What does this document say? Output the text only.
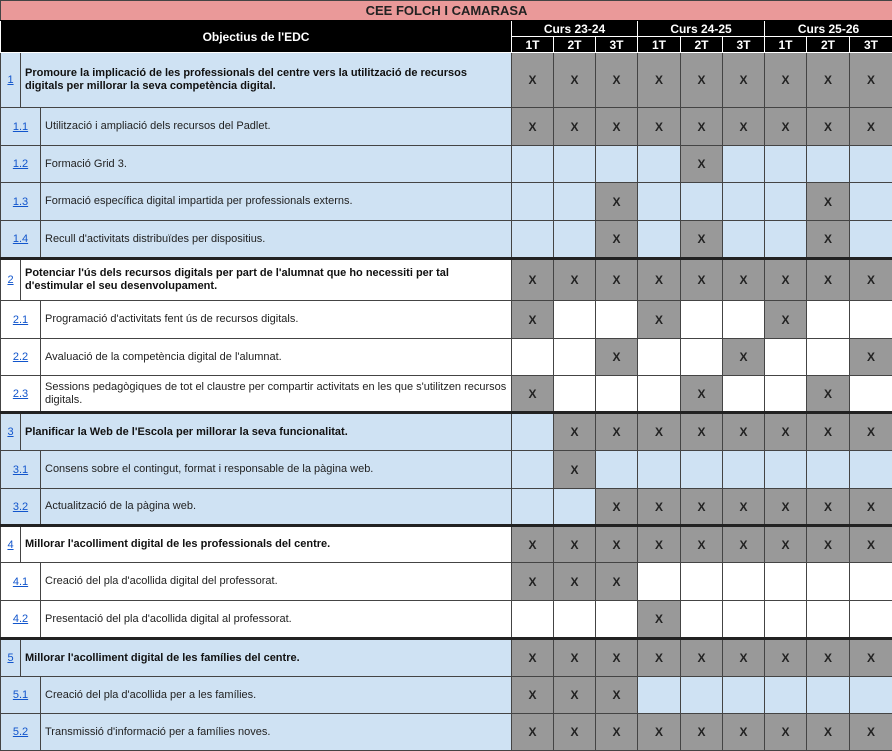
CEE FOLCH I CAMARASA											
Objectius de l'EDC			Curs 23-24			Curs 24-25			Curs 25-26		
			1T	2T	3T	1T	2T	3T	1T	2T	3T
1	Promoure la implicació de les professionals del centre vers la utilització de recursos digitals per millorar la seva competència digital.		X	X	X	X	X	X	X	X	X
1.1		Utilització i ampliació dels recursos del Padlet.	X	X	X	X	X	X	X	X	X
1.2		Formació Grid 3.					X				
1.3		Formació específica digital impartida per professionals externs.			X					X	
1.4		Recull d'activitats distribuïdes per dispositius.			X		X			X	
2	Potenciar l'ús dels recursos digitals per part de l'alumnat que ho necessiti per tal d'estimular el seu desenvolupament.		X	X	X	X	X	X	X	X	X
2.1		Programació d'activitats fent ús de recursos digitals.	X			X			X		
2.2		Avaluació de la competència digital de l'alumnat.			X			X			X
2.3		Sessions pedagògiques de tot el claustre per compartir activitats en les que s'utilitzen recursos digitals.	X				X			X	
3	Planificar la Web de l'Escola per millorar la seva funcionalitat.			X	X	X	X	X	X	X	X
3.1		Consens sobre el contingut, format i responsable de la pàgina web.		X							
3.2		Actualització de la pàgina web.			X	X	X	X	X	X	X
4	Millorar l'acolliment digital de les professionals del centre.		X	X	X	X	X	X	X	X	X
4.1		Creació del pla d'acollida digital del professorat.	X	X	X						
4.2		Presentació del pla d'acollida digital al professorat.				X					
5	Millorar l'acolliment digital de les famílies del centre.		X	X	X	X	X	X	X	X	X
5.1		Creació del pla d'acollida per a les famílies.	X	X	X						
5.2		Transmissió d'informació per a famílies noves.	X	X	X	X	X	X	X	X	X
